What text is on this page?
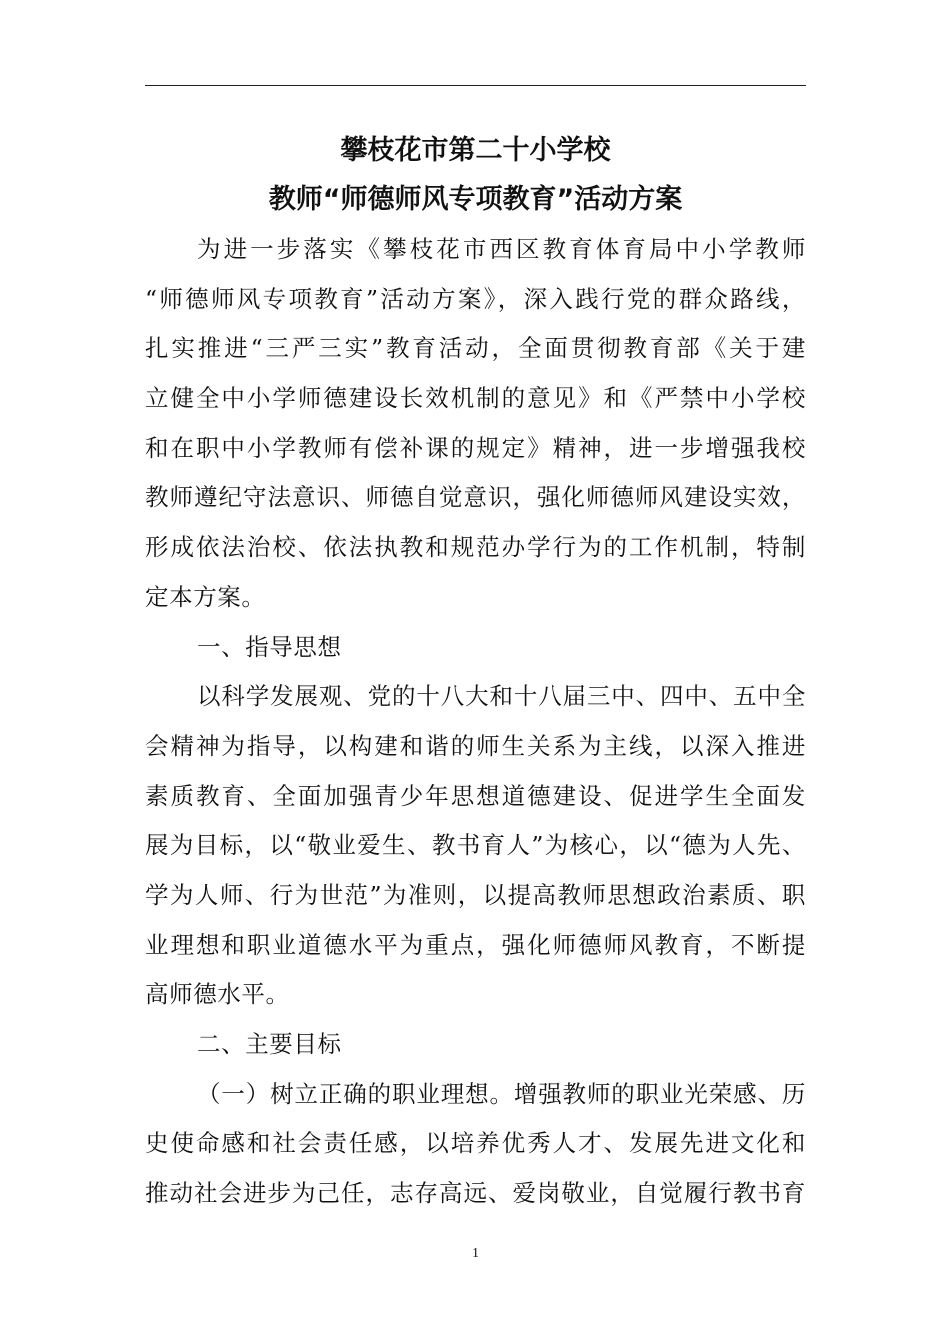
攀枝花市第二十小学校
教师“师德师风专项教育”活动方案
为进一步落实《攀枝花市西区教育体育局中小学教师
“师德师风专项教育”活动方案》，深入践行党的群众路线，
扎实推进“三严三实”教育活动，全面贯彻教育部《关于建
立健全中小学师德建设长效机制的意见》和《严禁中小学校
和在职中小学教师有偿补课的规定》精神，进一步增强我校
教师遵纪守法意识、师德自觉意识，强化师德师风建设实效，
形成依法治校、依法执教和规范办学行为的工作机制，特制
定本方案。
一、指导思想
以科学发展观、党的十八大和十八届三中、四中、五中全
会精神为指导，以构建和谐的师生关系为主线，以深入推进
素质教育、全面加强青少年思想道德建设、促进学生全面发
展为目标，以“敬业爱生、教书育人”为核心，以“德为人先、
学为人师、行为世范”为准则，以提高教师思想政治素质、职
业理想和职业道德水平为重点，强化师德师风教育，不断提
高师德水平。
二、主要目标
（一）树立正确的职业理想。增强教师的职业光荣感、历
史使命感和社会责任感，以培养优秀人才、发展先进文化和
推动社会进步为己任，志存高远、爱岗敬业，自觉履行教书育
1
